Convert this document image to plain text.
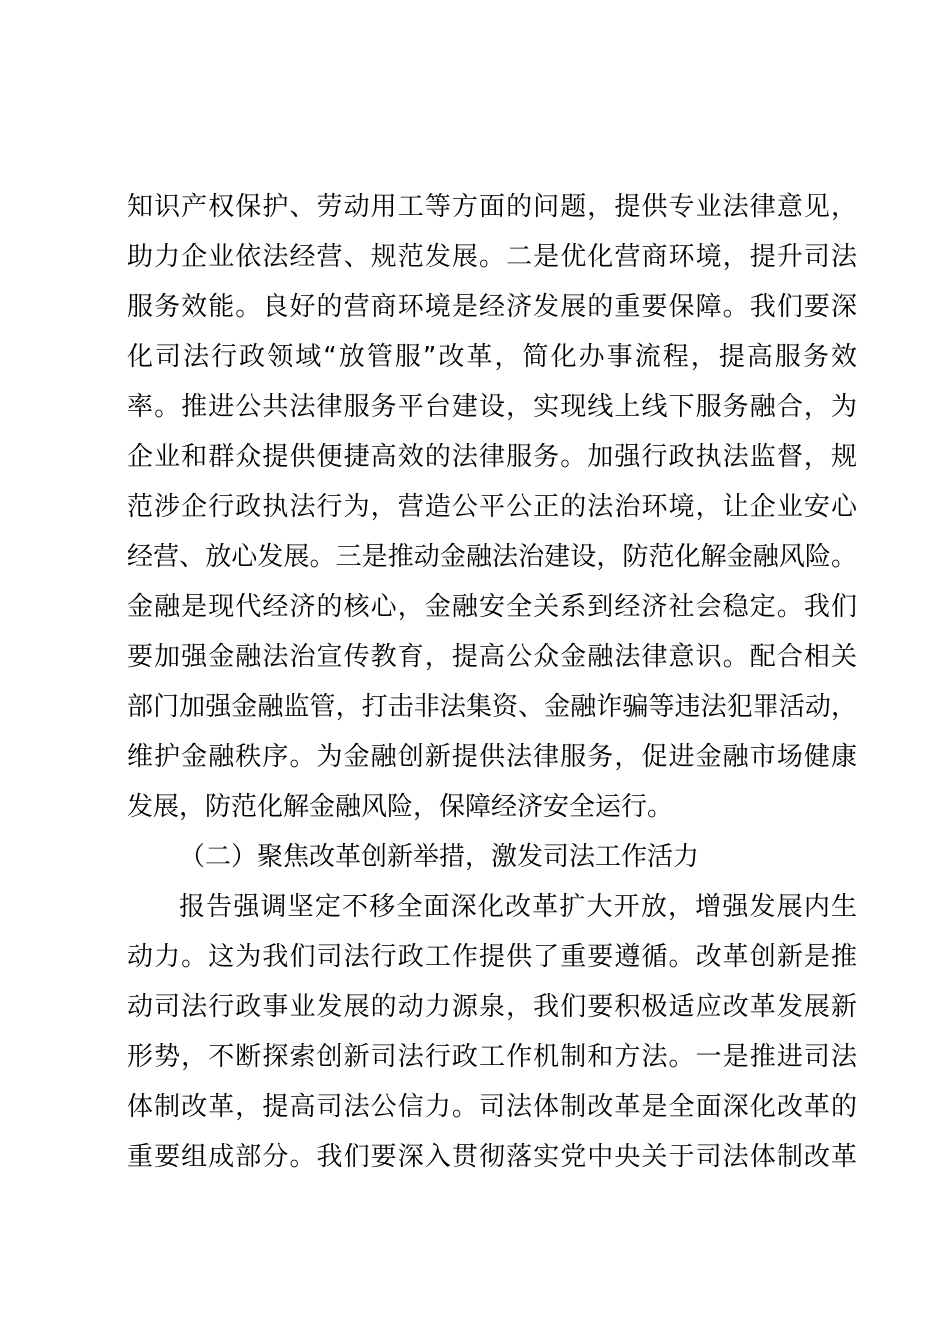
知识产权保护、劳动用工等方面的问题，提供专业法律意见，
助力企业依法经营、规范发展。二是优化营商环境，提升司法
服务效能。良好的营商环境是经济发展的重要保障。我们要深
化司法行政领域“放管服”改革，简化办事流程，提高服务效
率。推进公共法律服务平台建设，实现线上线下服务融合，为
企业和群众提供便捷高效的法律服务。加强行政执法监督，规
范涉企行政执法行为，营造公平公正的法治环境，让企业安心
经营、放心发展。三是推动金融法治建设，防范化解金融风险。
金融是现代经济的核心，金融安全关系到经济社会稳定。我们
要加强金融法治宣传教育，提高公众金融法律意识。配合相关
部门加强金融监管，打击非法集资、金融诈骗等违法犯罪活动，
维护金融秩序。为金融创新提供法律服务，促进金融市场健康
发展，防范化解金融风险，保障经济安全运行。
（二）聚焦改革创新举措，激发司法工作活力
报告强调坚定不移全面深化改革扩大开放，增强发展内生
动力。这为我们司法行政工作提供了重要遵循。改革创新是推
动司法行政事业发展的动力源泉，我们要积极适应改革发展新
形势，不断探索创新司法行政工作机制和方法。一是推进司法
体制改革，提高司法公信力。司法体制改革是全面深化改革的
重要组成部分。我们要深入贯彻落实党中央关于司法体制改革
